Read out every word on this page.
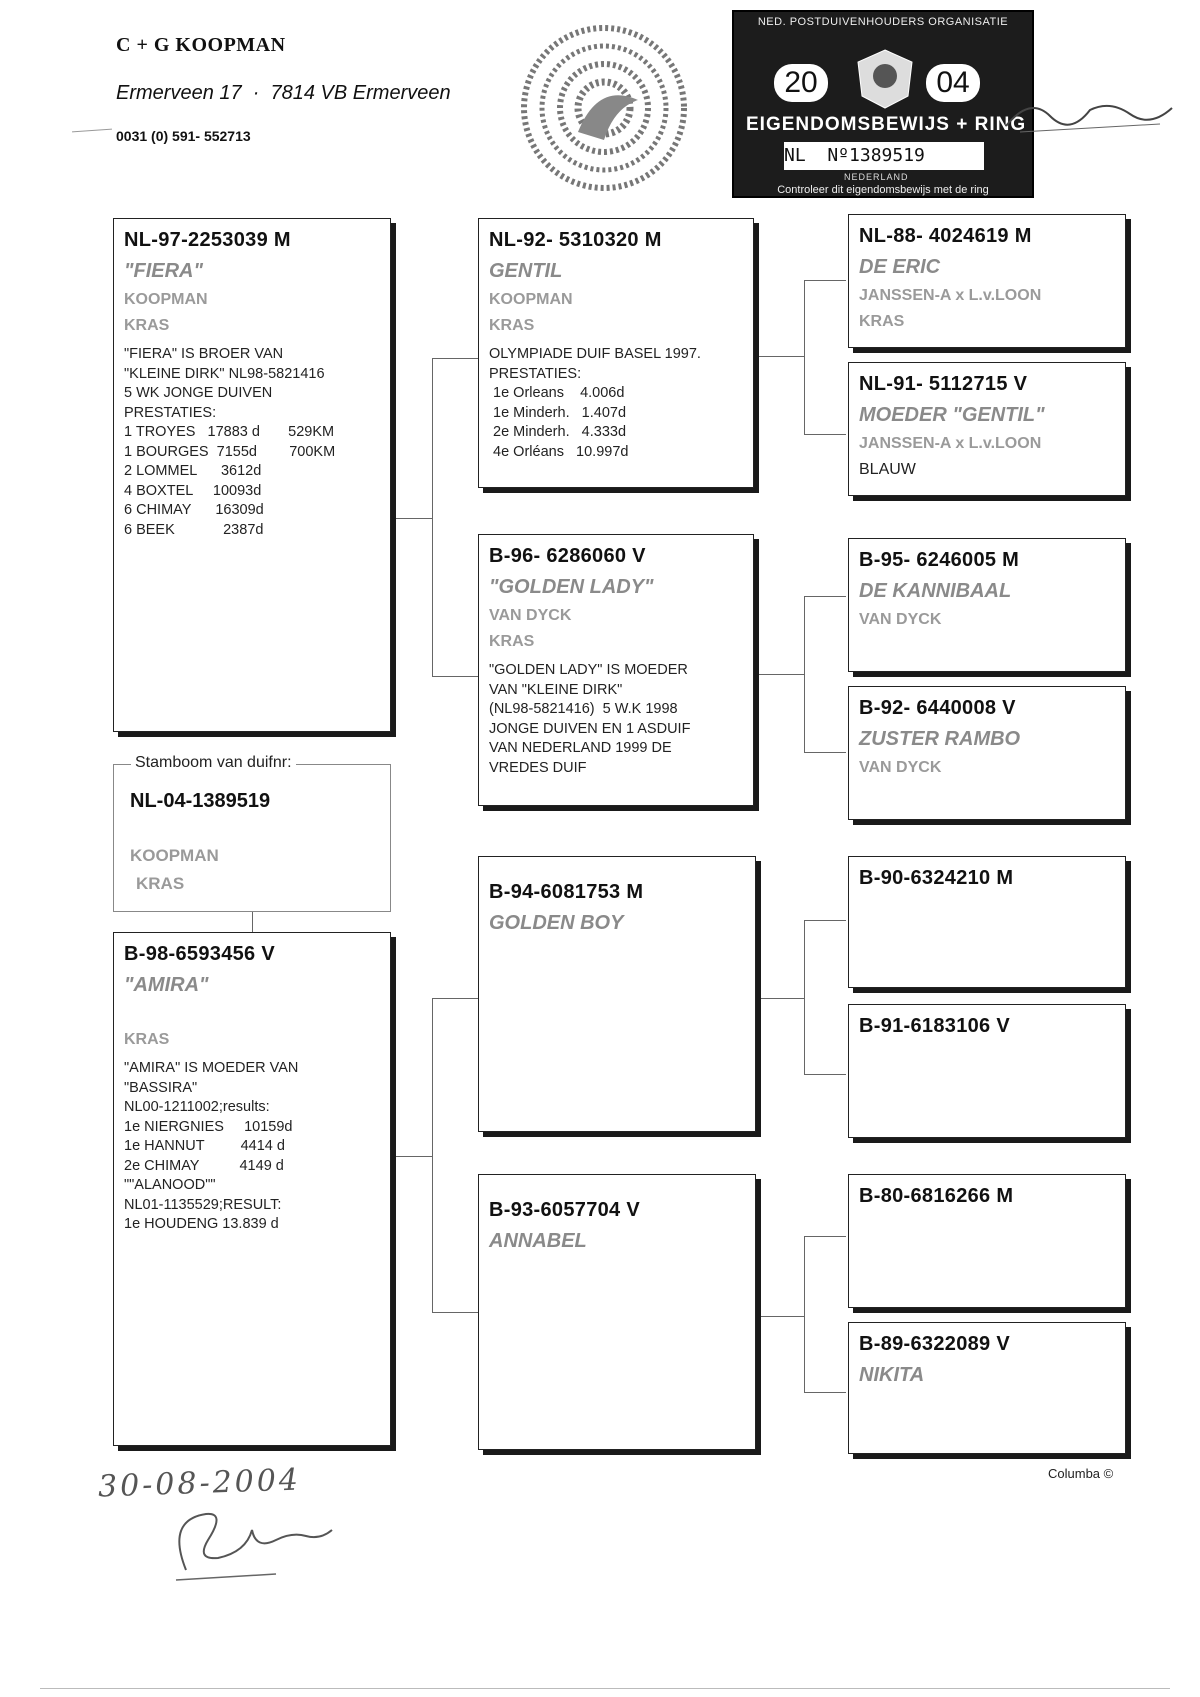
C + G KOOPMAN
Ermerveen 17  ·  7814 VB Ermerveen
0031 (0) 591- 552713
NED. POSTDUIVENHOUDERS ORGANISATIE
20	04
EIGENDOMSBEWIJS + RING
NL  Nº1389519
NEDERLAND
Controleer dit eigendomsbewijs met de ring
NL-97-2253039 M
"FIERA"
KOOPMAN
KRAS
"FIERA" IS BROER VAN
"KLEINE DIRK" NL98-5821416
5 WK JONGE DUIVEN
PRESTATIES:
1 TROYES   17883 d       529KM
1 BOURGES  7155d        700KM
2 LOMMEL      3612d
4 BOXTEL     10093d
6 CHIMAY      16309d
6 BEEK            2387d
Stamboom van duifnr:
NL-04-1389519
KOOPMAN
KRAS
B-98-6593456 V
"AMIRA"
KRAS
"AMIRA" IS MOEDER VAN
"BASSIRA"
NL00-1211002;results:
1e NIERGNIES     10159d
1e HANNUT         4414 d
2e CHIMAY          4149 d
""ALANOOD""
NL01-1135529;RESULT:
1e HOUDENG 13.839 d
NL-92- 5310320 M
GENTIL
KOOPMAN
KRAS
OLYMPIADE DUIF BASEL 1997.
PRESTATIES:
1e Orleans    4.006d
1e Minderh.   1.407d
2e Minderh.   4.333d
4e Orléans   10.997d
B-96- 6286060 V
"GOLDEN LADY"
VAN DYCK
KRAS
"GOLDEN LADY" IS MOEDER
VAN "KLEINE DIRK"
(NL98-5821416)  5 W.K 1998
JONGE DUIVEN EN 1 ASDUIF
VAN NEDERLAND 1999 DE
VREDES DUIF
B-94-6081753 M
GOLDEN BOY
B-93-6057704 V
ANNABEL
NL-88- 4024619 M
DE ERIC
JANSSEN-A x L.v.LOON
KRAS
NL-91- 5112715 V
MOEDER "GENTIL"
JANSSEN-A x L.v.LOON
BLAUW
B-95- 6246005 M
DE KANNIBAAL
VAN DYCK
B-92- 6440008 V
ZUSTER RAMBO
VAN DYCK
B-90-6324210 M
B-91-6183106 V
B-80-6816266 M
B-89-6322089 V
NIKITA
Columba ©
30-08-2004
